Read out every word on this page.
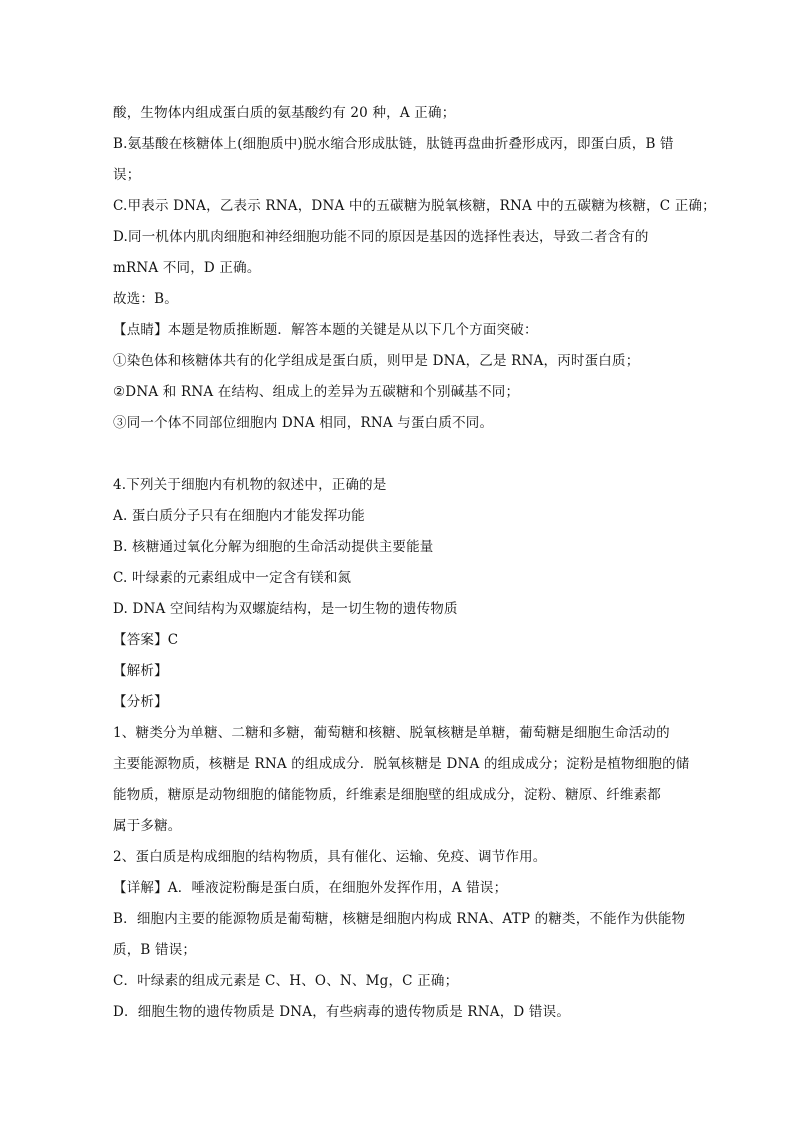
酸，生物体内组成蛋白质的氨基酸约有 20 种，A 正确；
B.氨基酸在核糖体上(细胞质中)脱水缩合形成肽链，肽链再盘曲折叠形成丙，即蛋白质，B 错
误；
C.甲表示 DNA，乙表示 RNA，DNA 中的五碳糖为脱氧核糖，RNA 中的五碳糖为核糖，C 正确；
D.同一机体内肌肉细胞和神经细胞功能不同的原因是基因的选择性表达，导致二者含有的
mRNA 不同，D 正确。
故选：B。
【点睛】本题是物质推断题．解答本题的关键是从以下几个方面突破：
①染色体和核糖体共有的化学组成是蛋白质，则甲是 DNA，乙是 RNA，丙时蛋白质；
②DNA 和 RNA 在结构、组成上的差异为五碳糖和个别碱基不同；
③同一个体不同部位细胞内 DNA 相同，RNA 与蛋白质不同。
4.下列关于细胞内有机物的叙述中，正确的是
A. 蛋白质分子只有在细胞内才能发挥功能
B. 核糖通过氧化分解为细胞的生命活动提供主要能量
C. 叶绿素的元素组成中一定含有镁和氮
D. DNA 空间结构为双螺旋结构，是一切生物的遗传物质
【答案】C
【解析】
【分析】
1、糖类分为单糖、二糖和多糖，葡萄糖和核糖、脱氧核糖是单糖，葡萄糖是细胞生命活动的
主要能源物质，核糖是 RNA 的组成成分．脱氧核糖是 DNA 的组成成分；淀粉是植物细胞的储
能物质，糖原是动物细胞的储能物质，纤维素是细胞壁的组成成分，淀粉、糖原、纤维素都
属于多糖。
2、蛋白质是构成细胞的结构物质，具有催化、运输、免疫、调节作用。
【详解】A．唾液淀粉酶是蛋白质，在细胞外发挥作用，A 错误；
B．细胞内主要的能源物质是葡萄糖，核糖是细胞内构成 RNA、ATP 的糖类，不能作为供能物
质，B 错误；
C．叶绿素的组成元素是 C、H、O、N、Mg，C 正确；
D．细胞生物的遗传物质是 DNA，有些病毒的遗传物质是 RNA，D 错误。
